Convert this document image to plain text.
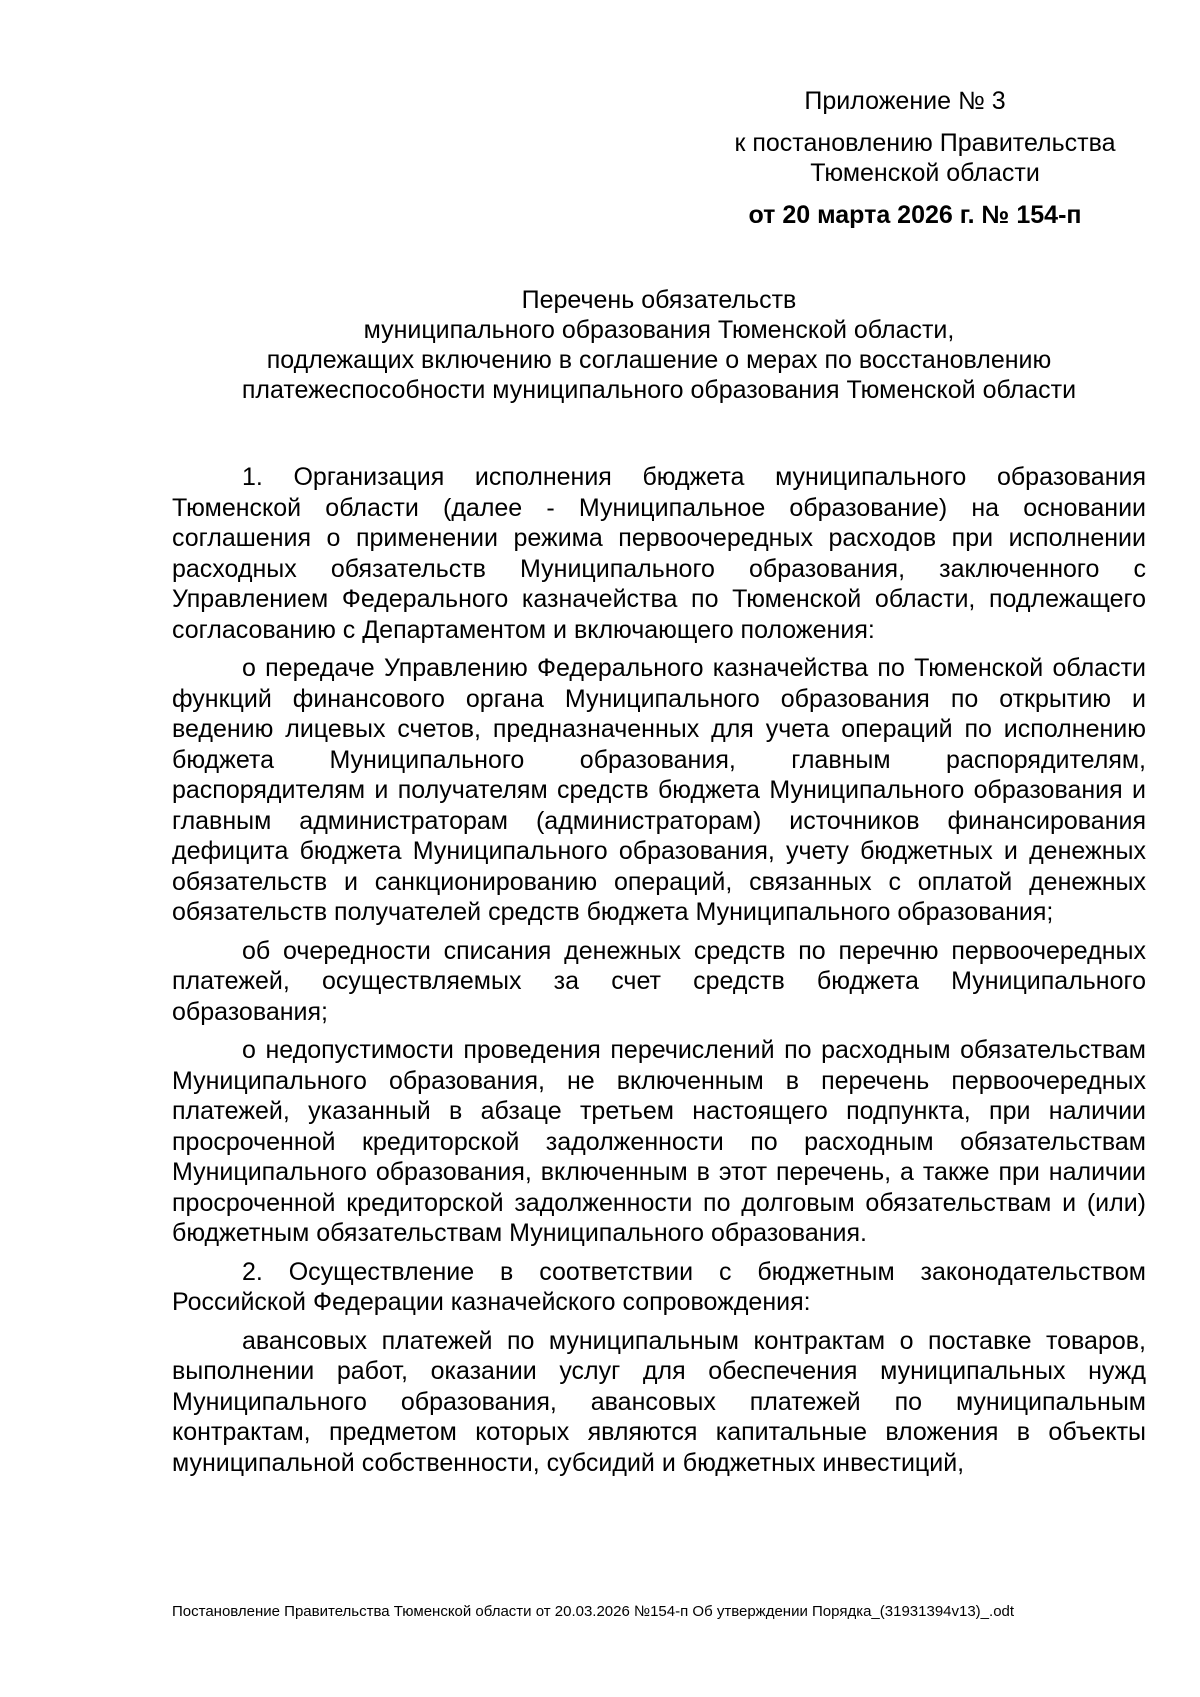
Приложение № 3
к постановлению Правительства
Тюменской области
от 20 марта 2026 г. № 154-п
Перечень обязательств
муниципального образования Тюменской области,
подлежащих включению в соглашение о мерах по восстановлению
платежеспособности муниципального образования Тюменской области

1. Организация исполнения бюджета муниципального образования Тюменской области (далее - Муниципальное образование) на основании соглашения о применении режима первоочередных расходов при исполнении расходных обязательств Муниципального образования, заключенного с Управлением Федерального казначейства по Тюменской области, подлежащего согласованию с Департаментом и включающего положения:

о передаче Управлению Федерального казначейства по Тюменской области функций финансового органа Муниципального образования по открытию и ведению лицевых счетов, предназначенных для учета операций по исполнению бюджета Муниципального образования, главным распорядителям, распорядителям и получателям средств бюджета Муниципального образования и главным администраторам (администраторам) источников финансирования дефицита бюджета Муниципального образования, учету бюджетных и денежных обязательств и санкционированию операций, связанных с оплатой денежных обязательств получателей средств бюджета Муниципального образования;

об очередности списания денежных средств по перечню первоочередных платежей, осуществляемых за счет средств бюджета Муниципального образования;

о недопустимости проведения перечислений по расходным обязательствам Муниципального образования, не включенным в перечень первоочередных платежей, указанный в абзаце третьем настоящего подпункта, при наличии просроченной кредиторской задолженности по расходным обязательствам Муниципального образования, включенным в этот перечень, а также при наличии просроченной кредиторской задолженности по долговым обязательствам и (или) бюджетным обязательствам Муниципального образования.

2. Осуществление в соответствии с бюджетным законодательством Российской Федерации казначейского сопровождения:

авансовых платежей по муниципальным контрактам о поставке товаров, выполнении работ, оказании услуг для обеспечения муниципальных нужд Муниципального образования, авансовых платежей по муниципальным контрактам, предметом которых являются капитальные вложения в объекты муниципальной собственности, субсидий и бюджетных инвестиций,

Постановление Правительства Тюменской области от 20.03.2026 №154-п Об утверждении Порядка_(31931394v13)_.odt
